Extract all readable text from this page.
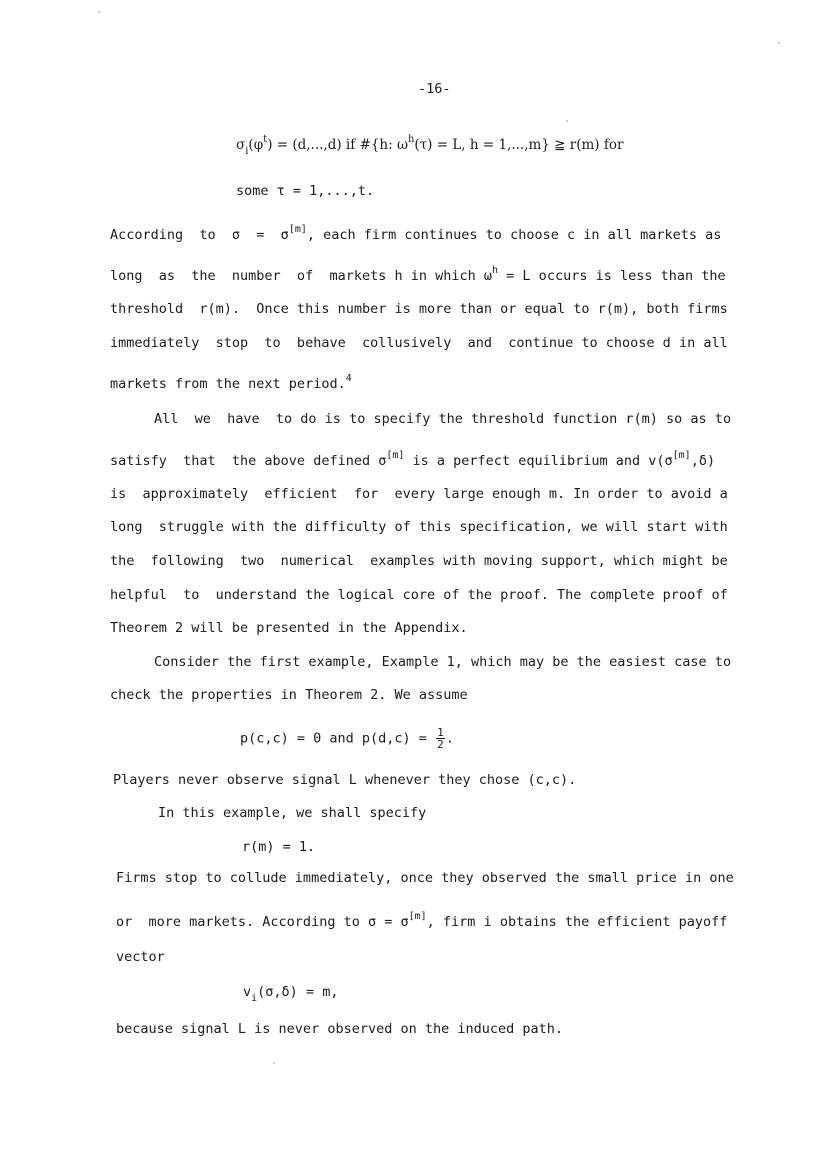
-16-
$\sigma_i(\varphi^t) = (d,...,d)$ if #{h: $\omega^h(\tau) = L$, h = 1,...,m} ≧ r(m) for
some τ = 1,...,t.
According  to  σ  =  σ[m], each firm continues to choose c in all markets as
long  as  the  number  of  markets h in which $\omega^h = L$ occurs is less than the
threshold  r(m).  Once this number is more than or equal to r(m), both firms
immediately  stop  to  behave  collusively  and  continue to choose d in all
markets from the next period.$^4$
All  we  have  to do is to specify the threshold function r(m) so as to
satisfy  that  the above defined σ[m] is a perfect equilibrium and v(σ[m],δ)
is  approximately  efficient  for  every large enough m. In order to avoid a
long  struggle with the difficulty of this specification, we will start with
the  following  two  numerical  examples with moving support, which might be
helpful  to  understand the logical core of the proof. The complete proof of
Theorem 2 will be presented in the Appendix.
Consider the first example, Example 1, which may be the easiest case to
check the properties in Theorem 2. We assume
p(c,c) = 0 and $p(d,c) = \frac{1}{2}$ .
Players never observe signal L whenever they chose (c,c).
In this example, we shall specify
r(m) = 1.
Firms stop to collude immediately, once they observed the small price in one
or  more markets. According to σ = σ[m], firm i obtains the efficient payoff
vector
$v_i(\sigma,\delta) = m$,
because signal L is never observed on the induced path.
